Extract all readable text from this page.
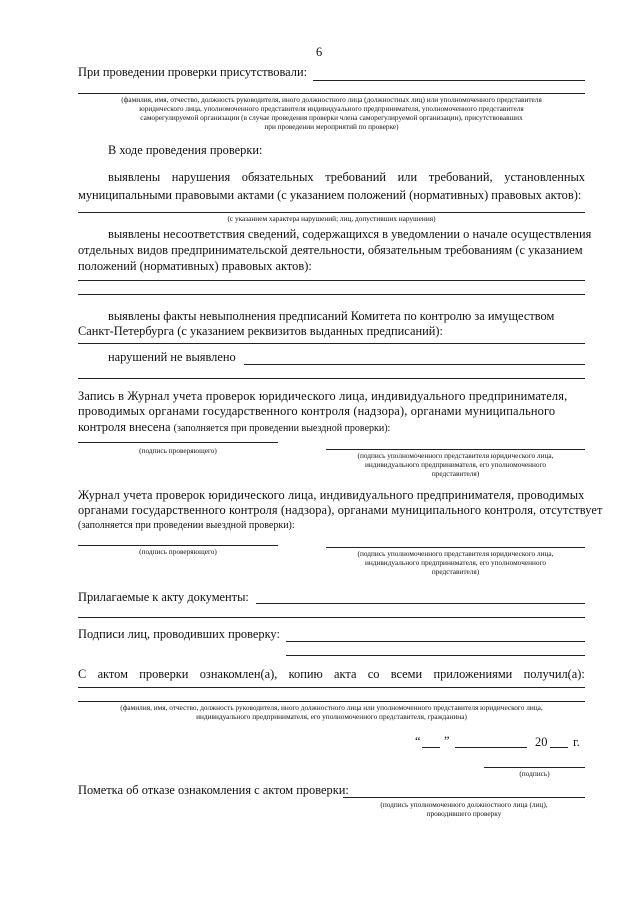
6
При проведении проверки присутствовали:
(фамилия, имя, отчество, должность руководителя, иного должностного лица (должностных лиц) или уполномоченного представителя
юридического лица, уполномоченного представителя индивидуального предпринимателя, уполномоченного представителя
саморегулируемой организации (в случае проведения проверки члена саморегулируемой организации), присутствовавших
при проведении мероприятий по проверке)
В ходе проведения проверки:
выявлены нарушения обязательных требований или требований, установленных
муниципальными правовыми актами (с указанием положений (нормативных) правовых актов):
(с указанием характера нарушений; лиц, допустивших нарушения)
выявлены несоответствия сведений, содержащихся в уведомлении о начале осуществления
отдельных видов предпринимательской деятельности, обязательным требованиям (с указанием
положений (нормативных) правовых актов):
выявлены факты невыполнения предписаний Комитета по контролю за имуществом
Санкт-Петербурга (с указанием реквизитов выданных предписаний):
нарушений не выявлено
Запись в Журнал учета проверок юридического лица, индивидуального предпринимателя,
проводимых органами государственного контроля (надзора), органами муниципального
контроля внесена (заполняется при проведении выездной проверки):
(подпись проверяющего)
(подпись уполномоченного представителя юридического лица,
индивидуального предпринимателя, его уполномоченного
представителя)
Журнал учета проверок юридического лица, индивидуального предпринимателя, проводимых
органами государственного контроля (надзора), органами муниципального контроля, отсутствует
(заполняется при проведении выездной проверки):
(подпись проверяющего)	(подпись уполномоченного представителя юридического лица,
индивидуального предпринимателя, его уполномоченного
представителя)
Прилагаемые к акту документы:
Подписи лиц, проводивших проверку:
С актом проверки ознакомлен(а), копию акта со всеми приложениями получил(а):
(фамилия, имя, отчество, должность руководителя, иного должностного лица или уполномоченного представителя юридического лица,
индивидуального предпринимателя, его уполномоченного представителя, гражданина)
“ ”	20 г.
(подпись)
Пометка об отказе ознакомления с актом проверки:
(подпись уполномоченного должностного лица (лиц),
проводившего проверку
